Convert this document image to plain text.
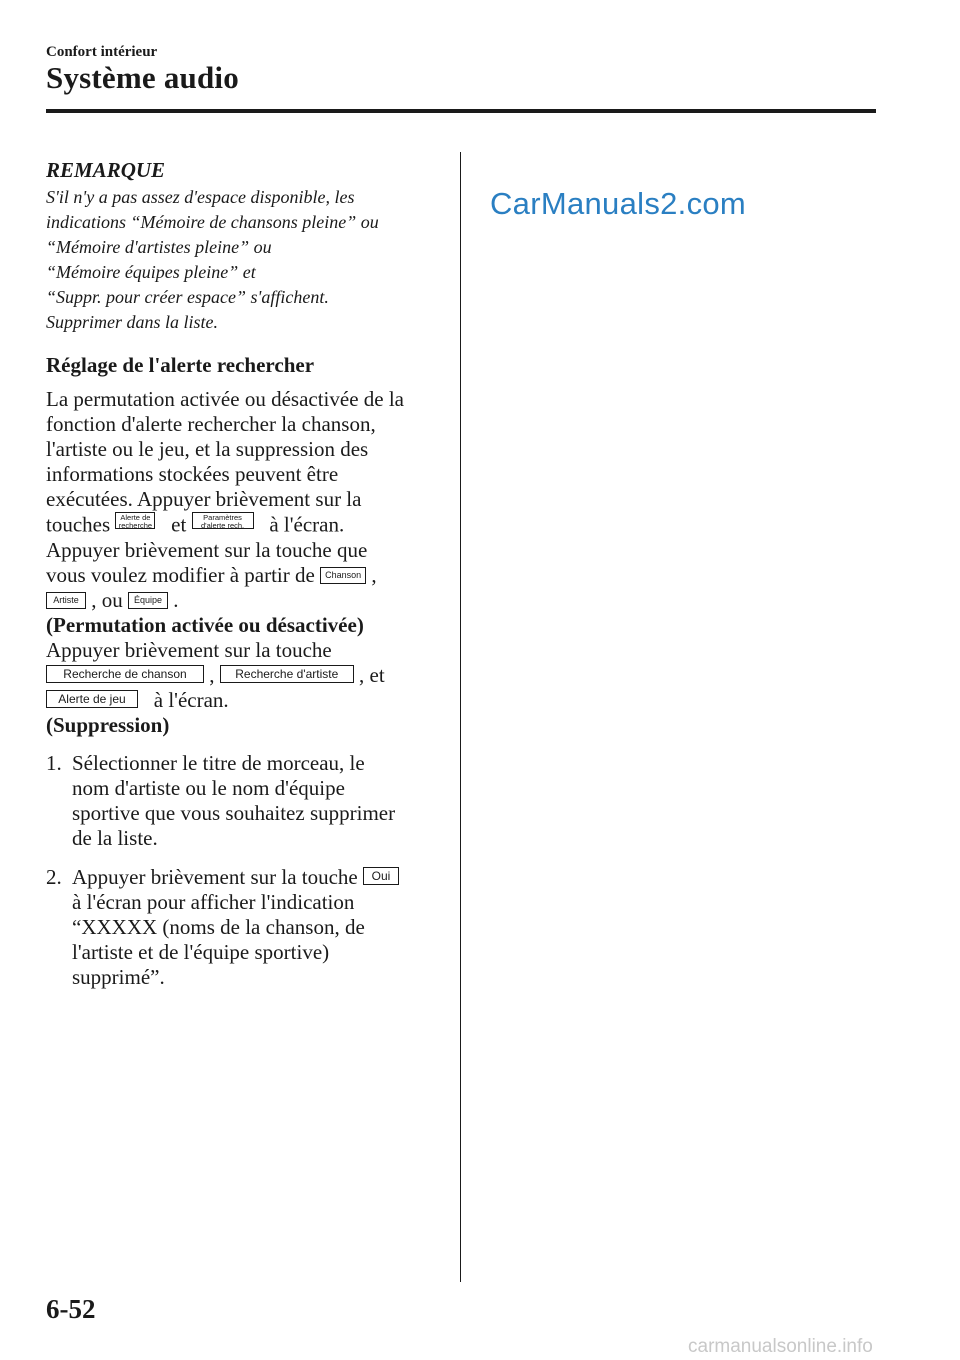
Confort intérieur
Système audio
REMARQUE
S'il n'y a pas assez d'espace disponible, les
indications “Mémoire de chansons pleine” ou
“Mémoire d'artistes pleine” ou
“Mémoire équipes pleine” et
“Suppr. pour créer espace” s'affichent.
Supprimer dans la liste.
Réglage de l'alerte rechercher
La permutation activée ou désactivée de la
fonction d'alerte rechercher la chanson,
l'artiste ou le jeu, et la suppression des
informations stockées peuvent être
exécutées. Appuyer brièvement sur la
touches Alerte de
recherche et Paramètres
d'alerte rech. à l'écran.
Appuyer brièvement sur la touche que
vous voulez modifier à partir de Chanson ,
Artiste , ou Équipe .
(Permutation activée ou désactivée)
Appuyer brièvement sur la touche
Recherche de chanson , Recherche d'artiste , et
Alerte de jeu à l'écran.
(Suppression)
1. Sélectionner le titre de morceau, le
nom d'artiste ou le nom d'équipe
sportive que vous souhaitez supprimer
de la liste.
2. Appuyer brièvement sur la touche Oui
à l'écran pour afficher l'indication
“XXXXX (noms de la chanson, de
l'artiste et de l'équipe sportive)
supprimé”.
CarManuals2.com
6-52
carmanualsonline.info
